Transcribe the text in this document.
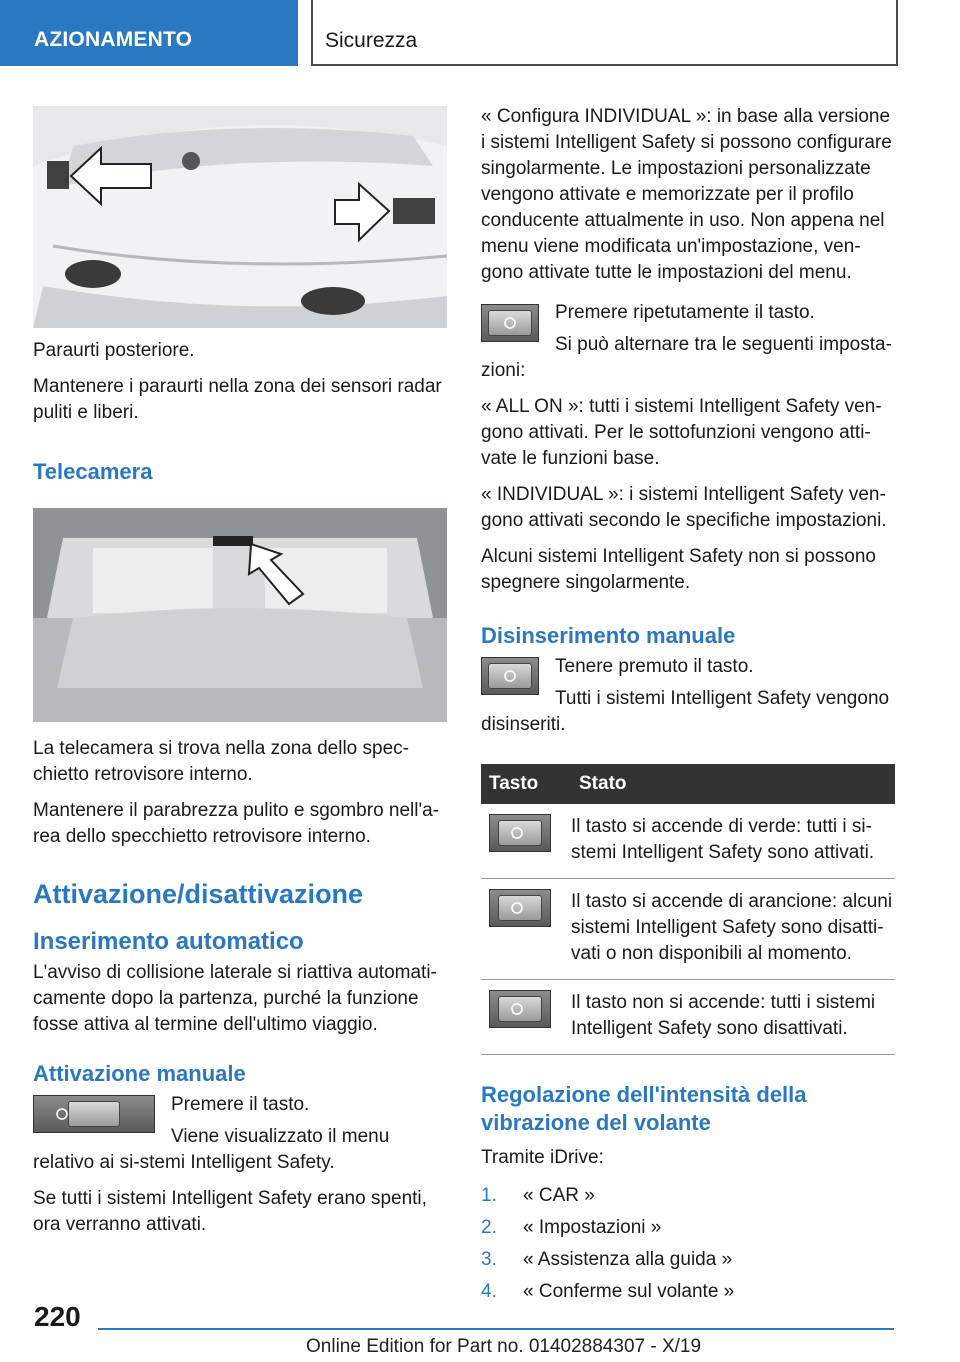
AZIONAMENTO	Sicurezza

Paraurti posteriore.

Mantenere i paraurti nella zona dei sensori radar puliti e liberi.

Telecamera

La telecamera si trova nella zona dello spec-chietto retrovisore interno.

Mantenere il parabrezza pulito e sgombro nell'a-rea dello specchietto retrovisore interno.

Attivazione/disattivazione
Inserimento automatico

L'avviso di collisione laterale si riattiva automati-camente dopo la partenza, purché la funzione fosse attiva al termine dell'ultimo viaggio.

Attivazione manuale

Premere il tasto.

Viene visualizzato il menu relativo ai si-stemi Intelligent Safety.

Se tutti i sistemi Intelligent Safety erano spenti, ora verranno attivati.

« Configura INDIVIDUAL »: in base alla versione i sistemi Intelligent Safety si possono configurare singolarmente. Le impostazioni personalizzate vengono attivate e memorizzate per il profilo conducente attualmente in uso. Non appena nel menu viene modificata un'impostazione, ven-gono attivate tutte le impostazioni del menu.

Premere ripetutamente il tasto.

Si può alternare tra le seguenti imposta-zioni:

« ALL ON »: tutti i sistemi Intelligent Safety ven-gono attivati. Per le sottofunzioni vengono atti-vate le funzioni base.

« INDIVIDUAL »: i sistemi Intelligent Safety ven-gono attivati secondo le specifiche impostazioni.

Alcuni sistemi Intelligent Safety non si possono spegnere singolarmente.

Disinserimento manuale

Tenere premuto il tasto.

Tutti i sistemi Intelligent Safety vengono disinseriti.

Tasto	Stato

	Il tasto si accende di verde: tutti i si-stemi Intelligent Safety sono attivati.

	Il tasto si accende di arancione: alcuni sistemi Intelligent Safety sono disatti-vati o non disponibili al momento.

	Il tasto non si accende: tutti i sistemi Intelligent Safety sono disattivati.
Regolazione dell'intensità della vibrazione del volante

Tramite iDrive:

1. « CAR »
2. « Impostazioni »
3. « Assistenza alla guida »
4. « Conferme sul volante »
220
Online Edition for Part no. 01402884307 - X/19
